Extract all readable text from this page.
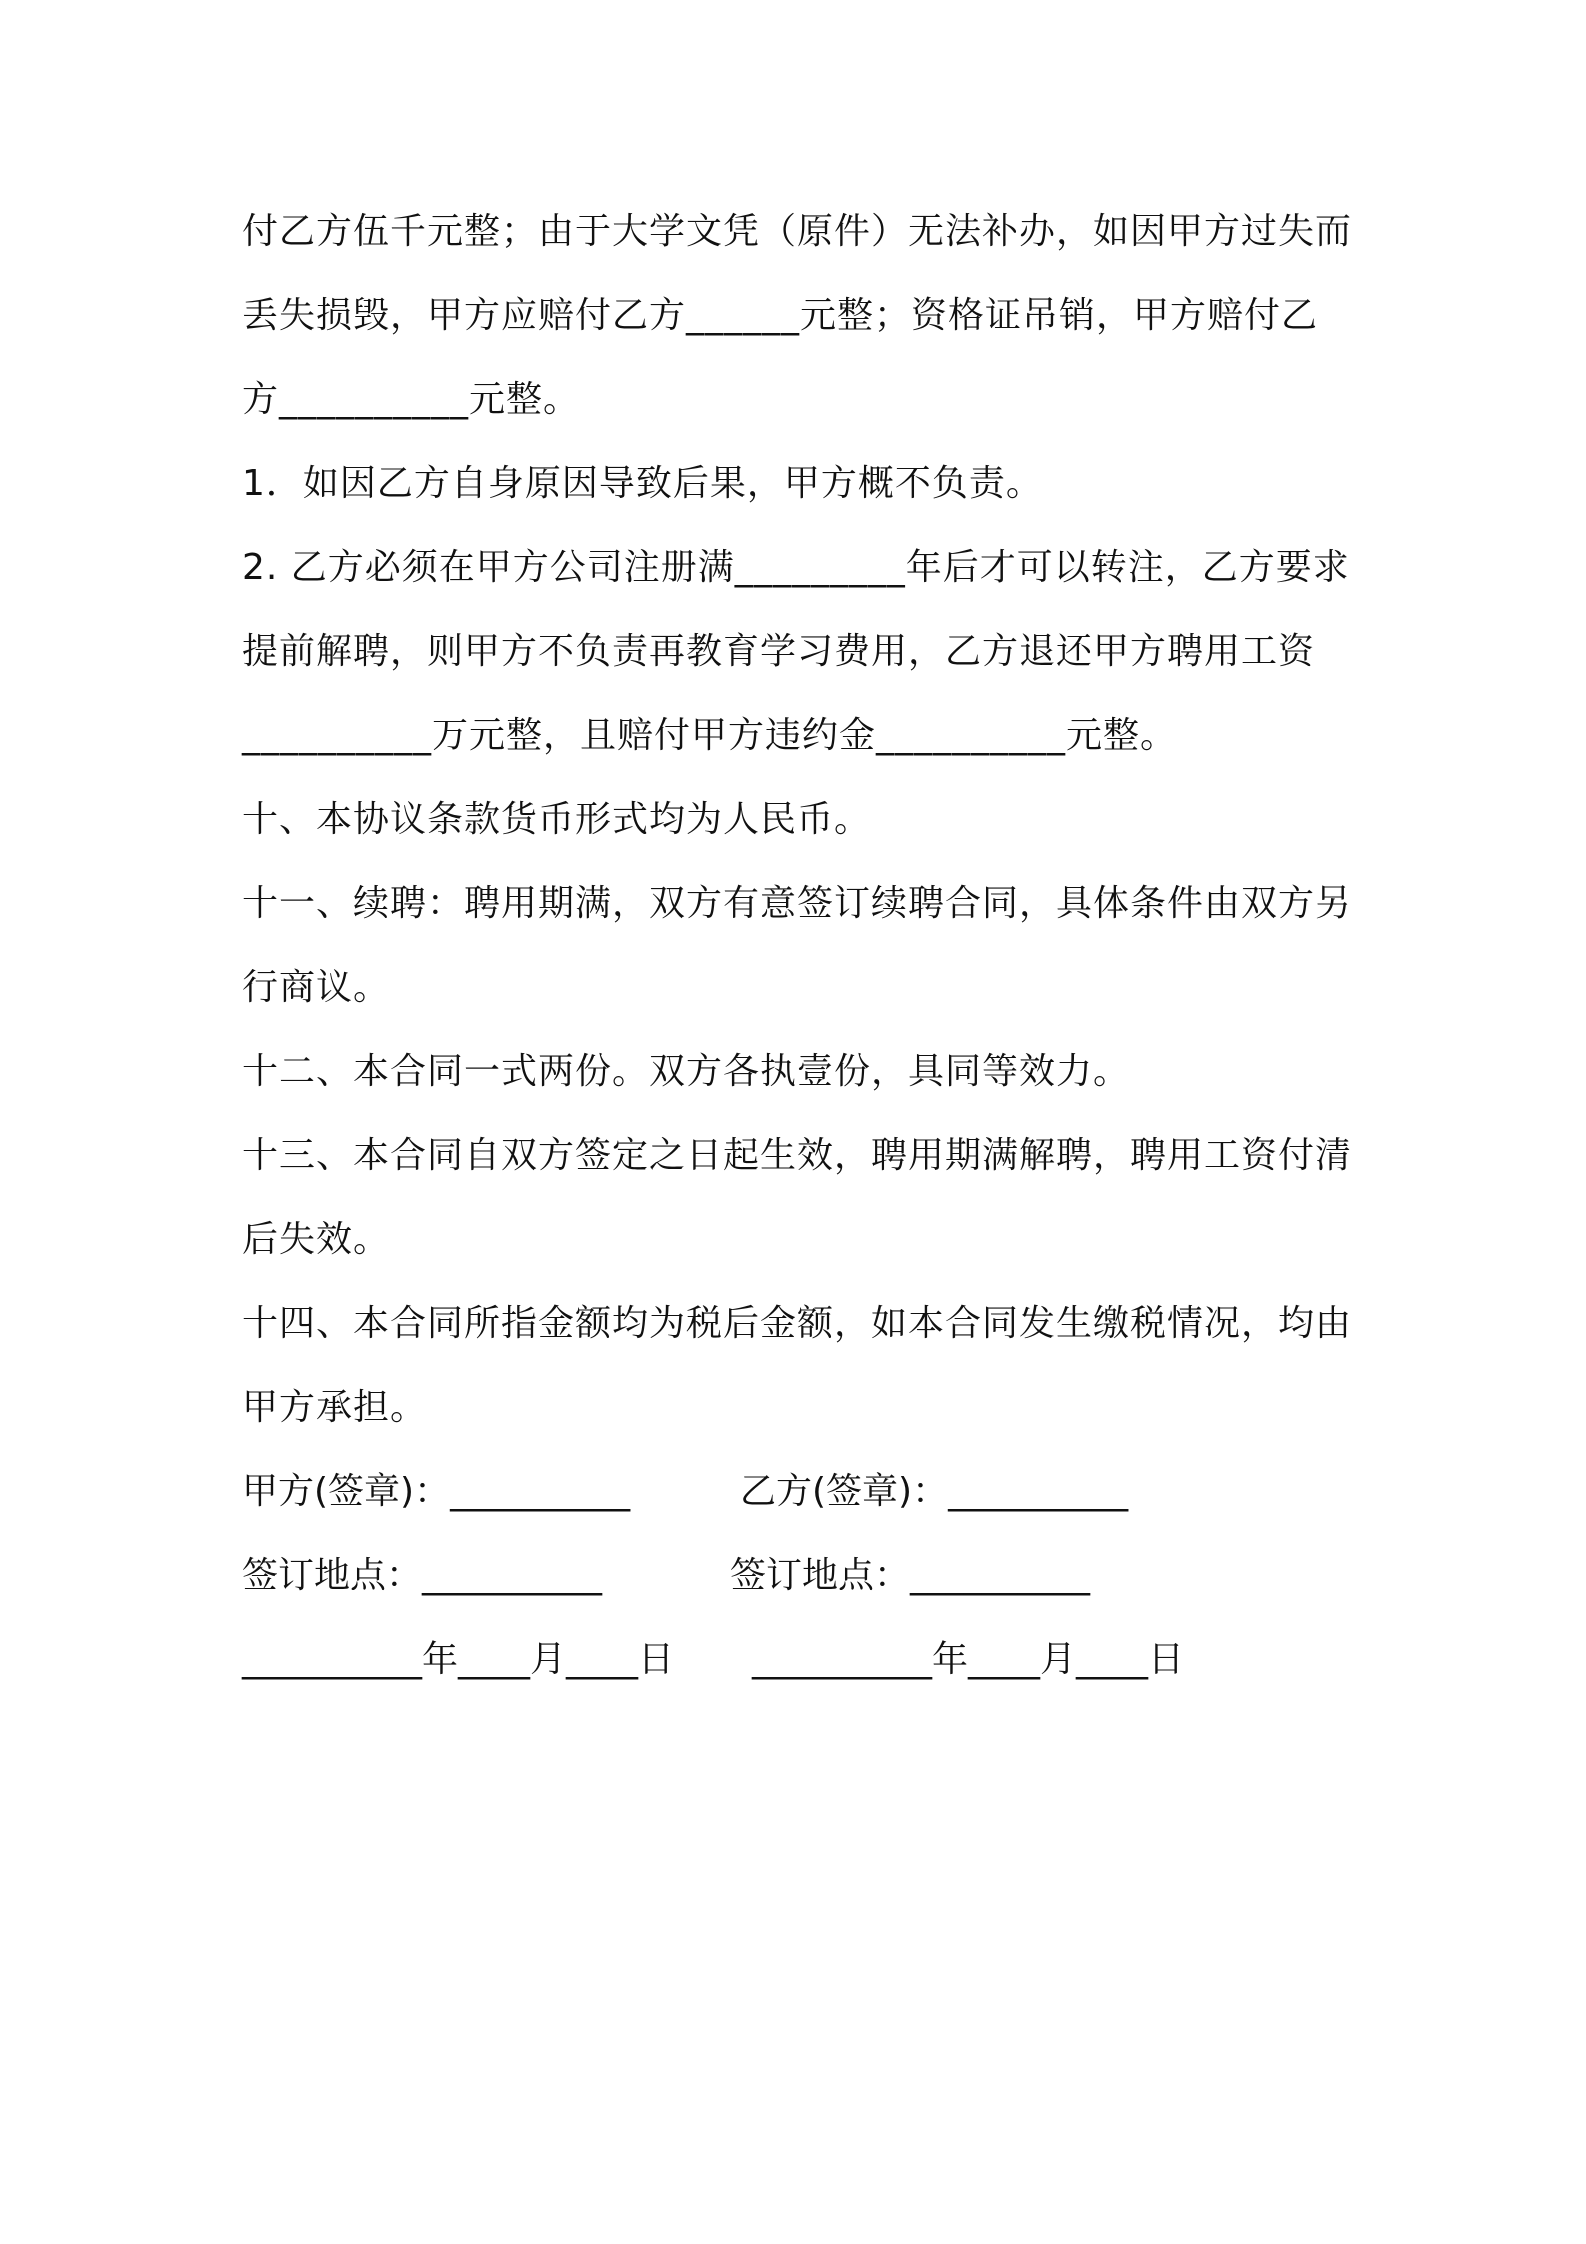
付乙方伍千元整；由于大学文凭（原件）无法补办，如因甲方过失而
丢失损毁，甲方应赔付乙方______元整；资格证吊销，甲方赔付乙
方__________元整。
1．如因乙方自身原因导致后果，甲方概不负责。
2. 乙方必须在甲方公司注册满_________年后才可以转注，乙方要求
提前解聘，则甲方不负责再教育学习费用，乙方退还甲方聘用工资
__________万元整，且赔付甲方违约金__________元整。
十、本协议条款货币形式均为人民币。
十一、续聘：聘用期满，双方有意签订续聘合同，具体条件由双方另
行商议。
十二、本合同一式两份。双方各执壹份，具同等效力。
十三、本合同自双方签定之日起生效，聘用期满解聘，聘用工资付清
后失效。
十四、本合同所指金额均为税后金额，如本合同发生缴税情况，均由
甲方承担。
甲方(签章)：__________	乙方(签章)：__________
签订地点：__________	签订地点：__________
__________年____月____日 __________年____月____日
